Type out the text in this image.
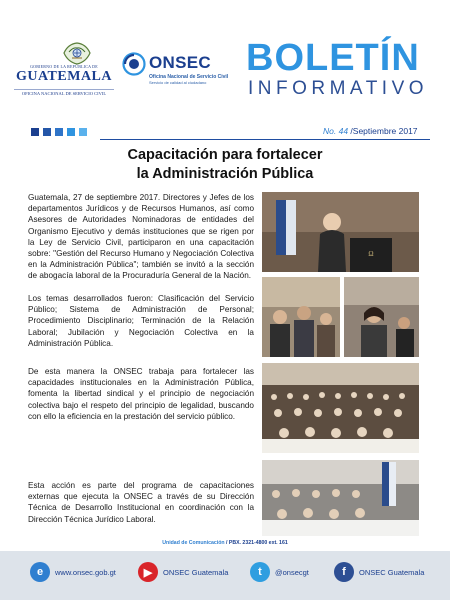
GOBIERNO DE LA REPÚBLICA DE
GUATEMALA
OFICINA NACIONAL DE SERVICIO CIVIL
ONSEC
Oficina Nacional de Servicio Civil
Servicio de calidad al ciudadano
BOLETÍN
INFORMATIVO
No. 44 /Septiembre 2017
Capacitación para fortalecer
la Administración Pública

Guatemala, 27 de septiembre 2017. Directores y Jefes de los departamentos Jurídicos y de Recursos Humanos, así como Asesores de Autoridades Nominadoras de entidades del Organismo Ejecutivo y demás instituciones que se rigen por la Ley de Servicio Civil, participaron en una capacitación sobre: "Gestión del Recurso Humano y Negociación Colectiva en la Administración Pública"; también se invitó a la sección de abogacía laboral de la Procuraduría General de la Nación.

Los temas desarrollados fueron: Clasificación del Servicio Público; Sistema de Administración de Personal; Procedimiento Disciplinario; Terminación de la Relación Laboral; Jubilación y Negociación Colectiva en la Administración Pública.

De esta manera la ONSEC trabaja para fortalecer las capacidades institucionales en la Administración Pública, fomenta la libertad sindical y el principio de negociación colectiva bajo el respeto del principio de legalidad, buscando con ello la eficiencia en la prestación del servicio público.

Esta acción es parte del programa de capacitaciones externas que ejecuta la ONSEC a través de su Dirección Técnica de Desarrollo Institucional en coordinación con la Dirección Técnica Jurídico Laboral.

Ω
Unidad de Comunicación / PBX. 2321-4800 ext. 161
e	www.onsec.gob.gt	▶	ONSEC Guatemala	t	@onsecgt	f	ONSEC Guatemala
